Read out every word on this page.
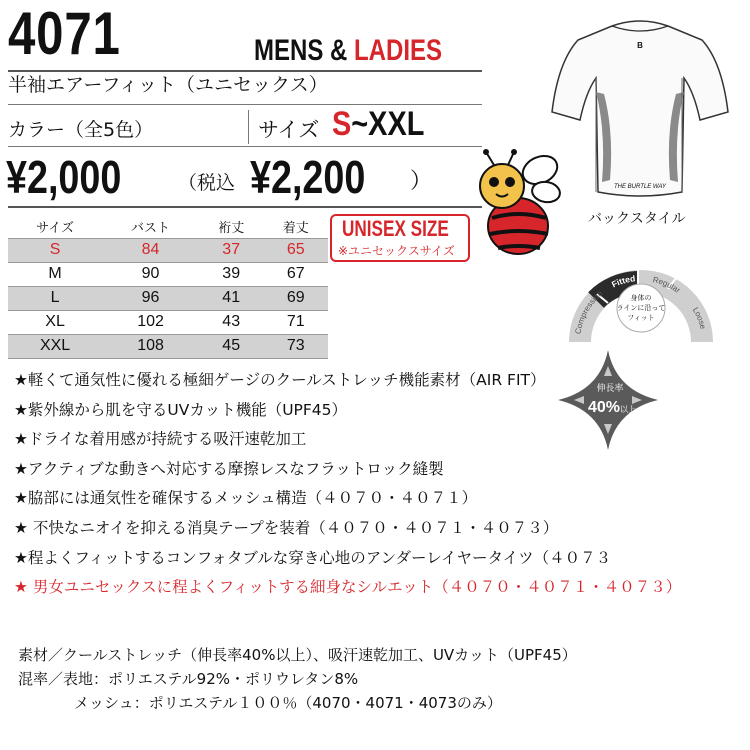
4071	MENS & LADIES
半袖エアーフィット（ユニセックス）
カラー（全5色）	サイズ S~XXL
¥2,000	（税込 ¥2,200 ）
B
THE BURTLE WAY
バックスタイル
サイズ	バスト	裄丈	着丈
S	84	37	65
M	90	39	67
L	96	41	69
XL	102	43	71
XXL	108	45	73
UNISEX SIZE
※ユニセックスサイズ
Compression
Fitted Regular
Loose
身体の
ラインに沿って
フィット
伸長率
40% 以上
★軽くて通気性に優れる極細ゲージのクールストレッチ機能素材（AIR FIT）
★紫外線から肌を守るUVカット機能（UPF45）
★ドライな着用感が持続する吸汗速乾加工
★アクティブな動きへ対応する摩擦レスなフラットロック縫製
★脇部には通気性を確保するメッシュ構造（４０７０・４０７１）
★ 不快なニオイを抑える消臭テープを装着（４０７０・４０７１・４０７３）
★程よくフィットするコンフォタブルな穿き心地のアンダーレイヤータイツ（４０７３
★ 男女ユニセックスに程よくフィットする細身なシルエット（４０７０・４０７１・４０７３）
素材／クールストレッチ（伸長率40%以上）、吸汗速乾加工、UVカット（UPF45）
混率／表地：ポリエステル92%・ポリウレタン8%
メッシュ：ポリエステル１００％（4070・4071・4073のみ）
